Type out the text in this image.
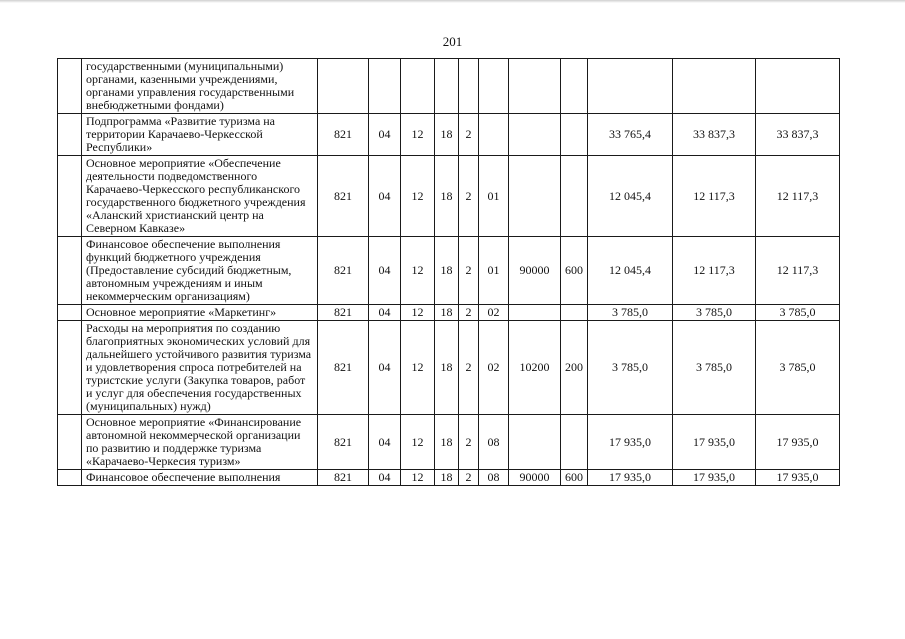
201
	государственными (муниципальными) органами, казенными учреждениями, органами управления государственными внебюджетными фондами)											
	Подпрограмма «Развитие туризма на территории Карачаево-Черкесской Республики»	821	04	12	18	2				33 765,4	33 837,3	33 837,3
	Основное мероприятие «Обеспечение деятельности подведомственного Карачаево-Черкесского республиканского государственного бюджетного учреждения «Аланский христианский центр на Северном Кавказе»	821	04	12	18	2	01			12 045,4	12 117,3	12 117,3
	Финансовое обеспечение выполнения функций бюджетного учреждения (Предоставление субсидий бюджетным, автономным учреждениям и иным некоммерческим организациям)	821	04	12	18	2	01	90000	600	12 045,4	12 117,3	12 117,3
	Основное мероприятие «Маркетинг»	821	04	12	18	2	02			3 785,0	3 785,0	3 785,0
	Расходы на мероприятия по созданию благоприятных экономических условий для дальнейшего устойчивого развития туризма и удовлетворения спроса потребителей на туристские услуги (Закупка товаров, работ и услуг для обеспечения государственных (муниципальных) нужд)	821	04	12	18	2	02	10200	200	3 785,0	3 785,0	3 785,0
	Основное мероприятие «Финансирование автономной некоммерческой организации по развитию и поддержке туризма «Карачаево-Черкесия туризм»	821	04	12	18	2	08			17 935,0	17 935,0	17 935,0
	Финансовое обеспечение выполнения	821	04	12	18	2	08	90000	600	17 935,0	17 935,0	17 935,0
